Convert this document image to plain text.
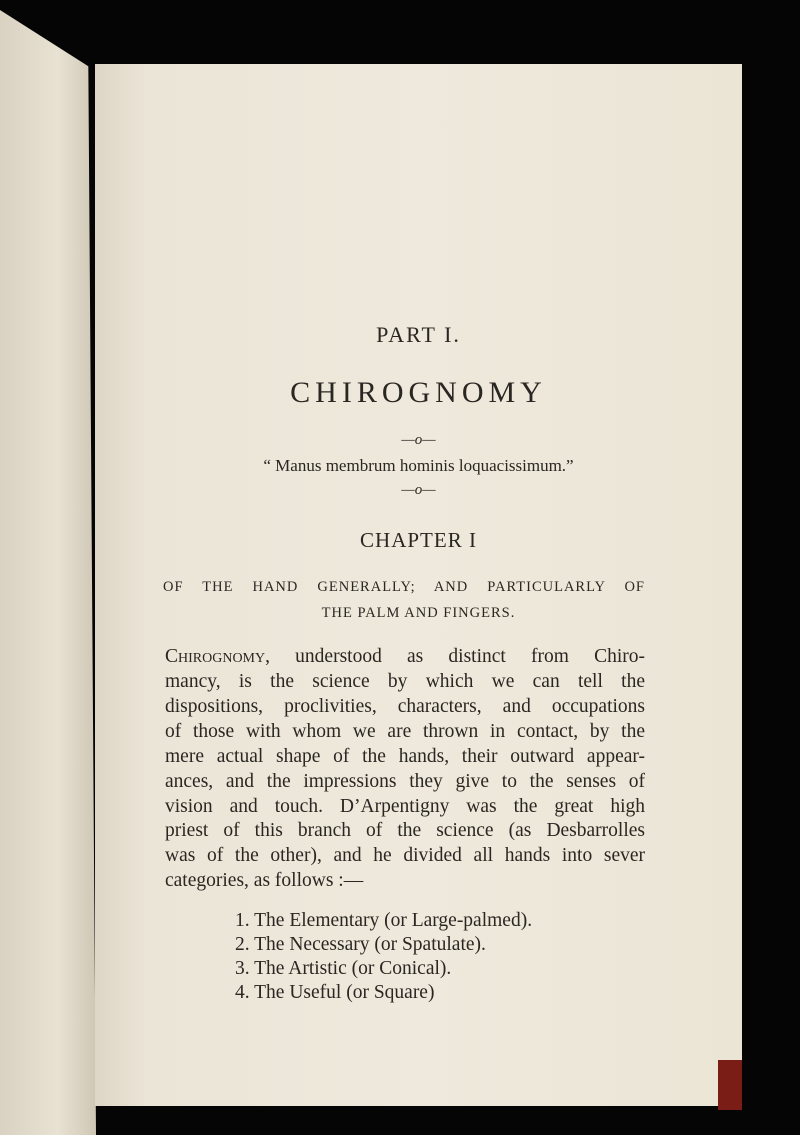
PART I.
CHIROGNOMY
—o—
“ Manus membrum hominis loquacissimum.”
—o—
CHAPTER I
OF THE HAND GENERALLY; AND PARTICULARLY OF
THE PALM AND FINGERS.
Chirognomy, understood as distinct from Chiro-
mancy, is the science by which we can tell the
dispositions, proclivities, characters, and occupations
of those with whom we are thrown in contact, by the
mere actual shape of the hands, their outward appear-
ances, and the impressions they give to the senses of
vision and touch. D’Arpentigny was the great high
priest of this branch of the science (as Desbarrolles
was of the other), and he divided all hands into sever
categories, as follows :—
1. The Elementary (or Large-palmed).
2. The Necessary (or Spatulate).
3. The Artistic (or Conical).
4. The Useful (or Square)
